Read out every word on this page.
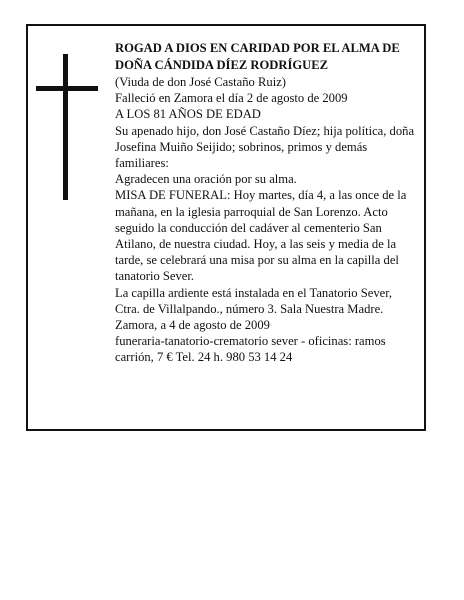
ROGAD A DIOS EN CARIDAD POR EL ALMA DE DOÑA CÁNDIDA DÍEZ RODRÍGUEZ

(Viuda de don José Castaño Ruiz)

Falleció en Zamora el día 2 de agosto de 2009

A LOS 81 AÑOS DE EDAD

Su apenado hijo, don José Castaño Díez; hija política, doña Josefina Muiño Seijido; sobrinos, primos y demás familiares:

Agradecen una oración por su alma.

MISA DE FUNERAL: Hoy martes, día 4, a las once de la mañana, en la iglesia parroquial de San Lorenzo. Acto seguido la conducción del cadáver al cementerio San Atilano, de nuestra ciudad. Hoy, a las seis y media de la tarde, se celebrará una misa por su alma en la capilla del tanatorio Sever.

La capilla ardiente está instalada en el Tanatorio Sever, Ctra. de Villalpando., número 3. Sala Nuestra Madre.

Zamora, a 4 de agosto de 2009

funeraria-tanatorio-crematorio sever - oficinas: ramos carrión, 7 € Tel. 24 h. 980 53 14 24
